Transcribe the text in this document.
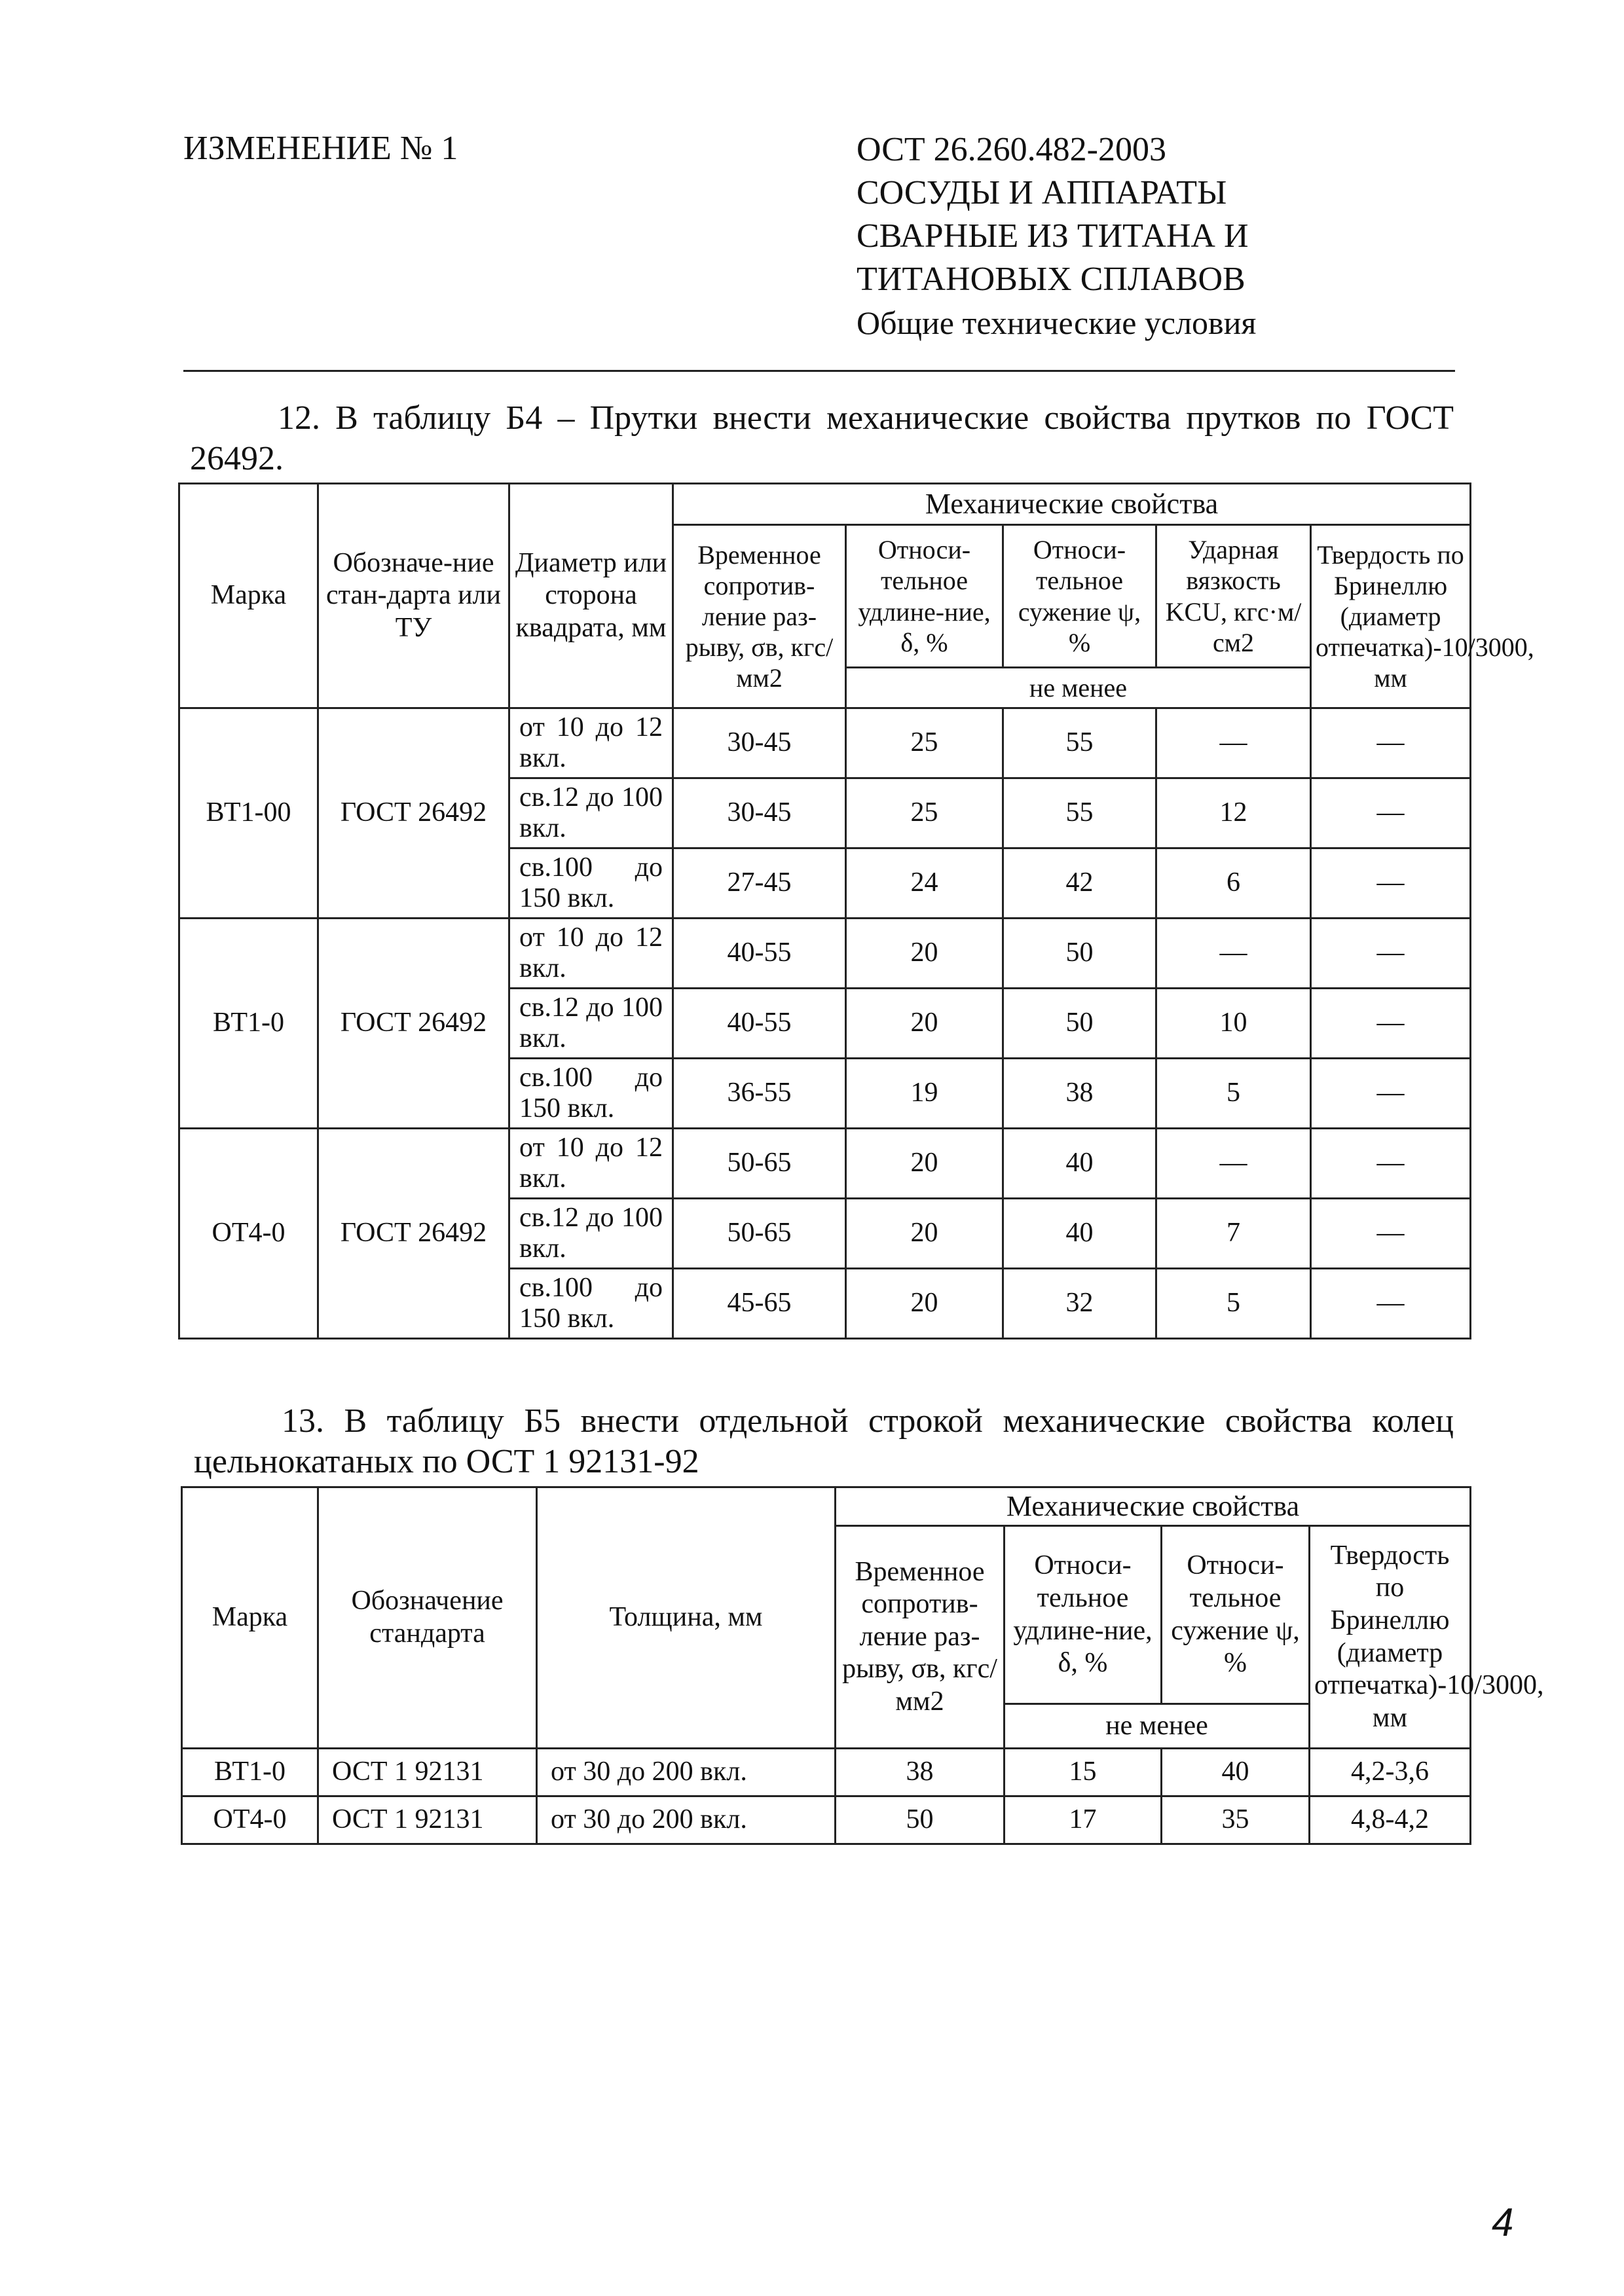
ИЗМЕНЕНИЕ № 1	ОСТ 26.260.482-2003
СОСУДЫ И АППАРАТЫ
СВАРНЫЕ ИЗ ТИТАНА И
ТИТАНОВЫХ СПЛАВОВ
Общие технические условия
12. В таблицу Б4 – Прутки внести механические свойства прутков по ГОСТ 26492.
Марка	Обозначе-ние стан-дарта или ТУ	Диаметр или сторона квадрата, мм	Механические свойства				
			Временное сопротив-ление раз-рыву, σв, кгс/мм2	Относи-тельное удлине-ние, δ, %	Относи-тельное сужение ψ, %	Ударная вязкость KCU, кгс·м/см2	Твердость по Бринеллю (диаметр отпечатка)-10/3000, мм
				не менее			
ВТ1-00	ГОСТ 26492	от 10 до 12 вкл.	30-45	25	55	—	—
		св.12 до 100 вкл.	30-45	25	55	12	—
		св.100 до 150 вкл.	27-45	24	42	6	—
ВТ1-0	ГОСТ 26492	от 10 до 12 вкл.	40-55	20	50	—	—
		св.12 до 100 вкл.	40-55	20	50	10	—
		св.100 до 150 вкл.	36-55	19	38	5	—
ОТ4-0	ГОСТ 26492	от 10 до 12 вкл.	50-65	20	40	—	—
		св.12 до 100 вкл.	50-65	20	40	7	—
		св.100 до 150 вкл.	45-65	20	32	5	—
13. В таблицу Б5 внести отдельной строкой механические свойства колец цельнокатаных по ОСТ 1 92131-92
Марка	Обозначение стандарта	Толщина, мм	Механические свойства			
			Временное сопротив-ление раз-рыву, σв, кгс/мм2	Относи-тельное удлине-ние, δ, %	Относи-тельное сужение ψ, %	Твердость по Бринеллю (диаметр отпечатка)-10/3000, мм
				не менее		
ВТ1-0	ОСТ 1 92131	от 30 до 200 вкл.	38	15	40	4,2-3,6
ОТ4-0	ОСТ 1 92131	от 30 до 200 вкл.	50	17	35	4,8-4,2
4
